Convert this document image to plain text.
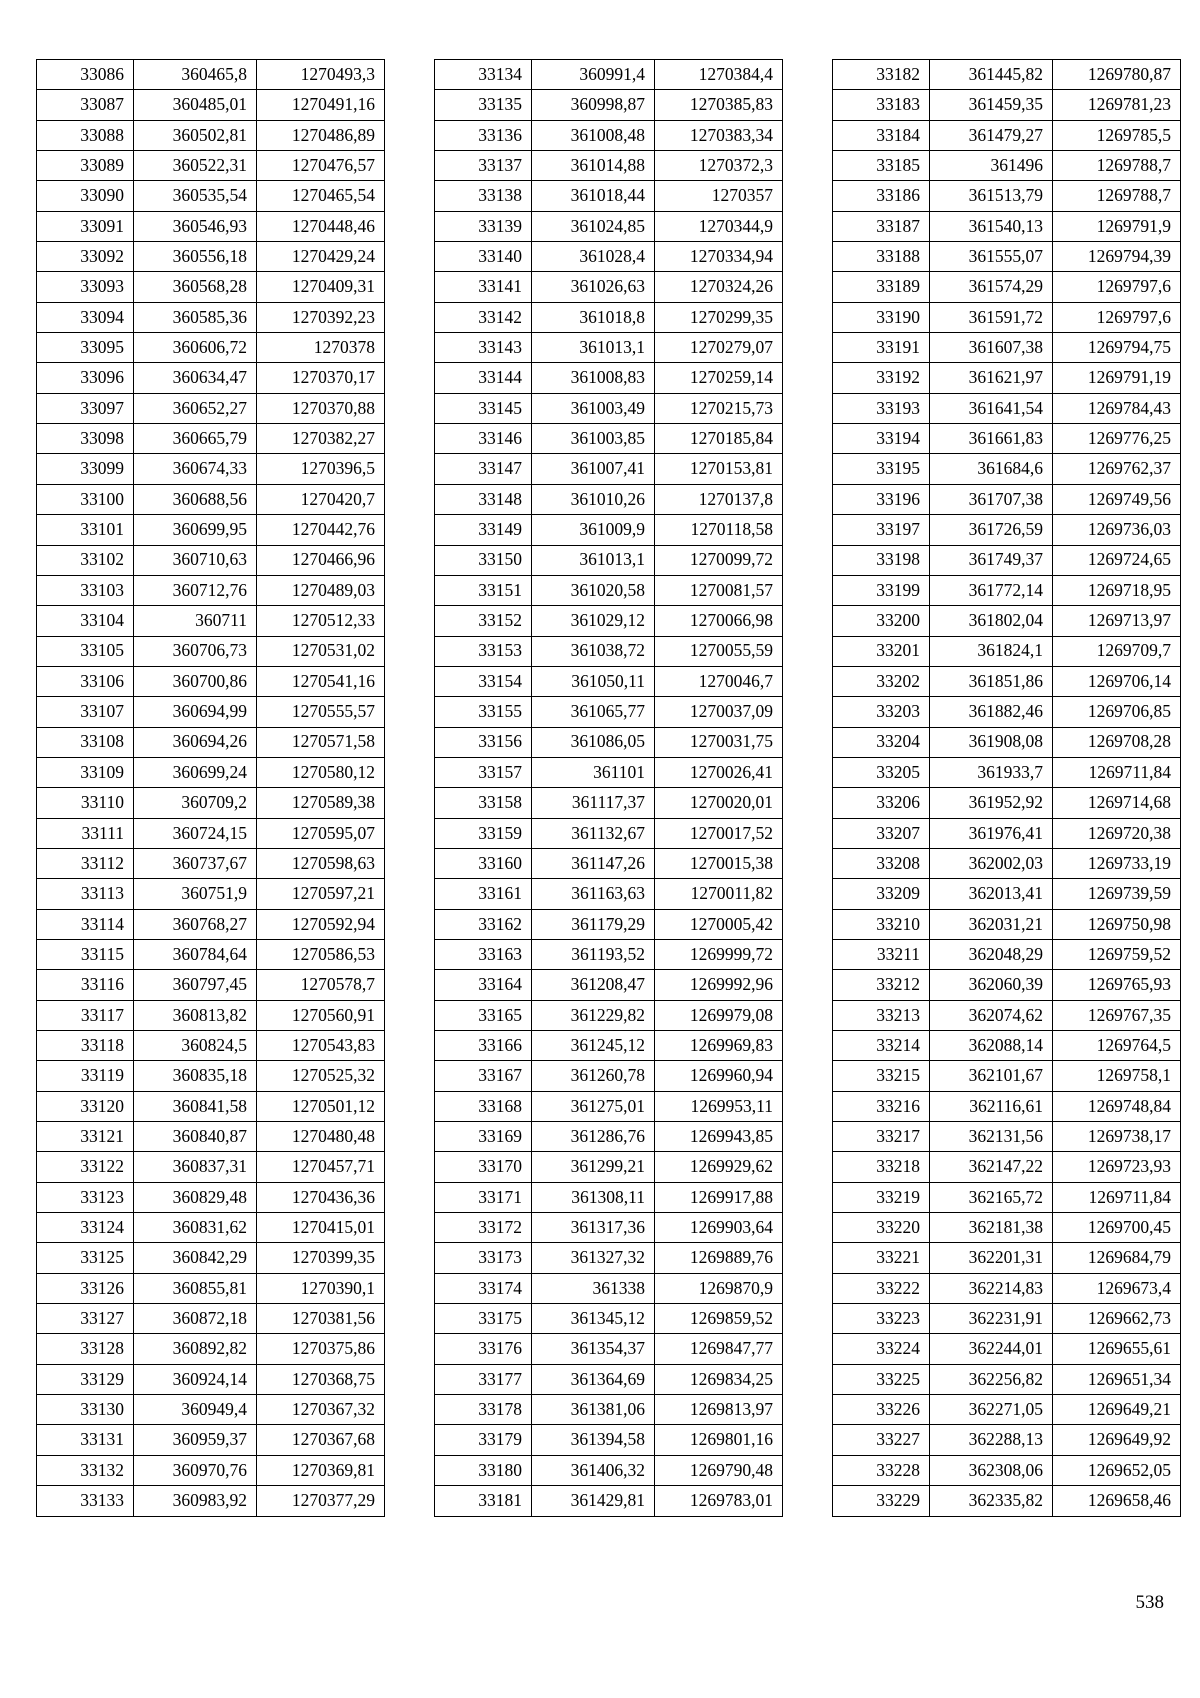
33086	360465,8	1270493,3
33087	360485,01	1270491,16
33088	360502,81	1270486,89
33089	360522,31	1270476,57
33090	360535,54	1270465,54
33091	360546,93	1270448,46
33092	360556,18	1270429,24
33093	360568,28	1270409,31
33094	360585,36	1270392,23
33095	360606,72	1270378
33096	360634,47	1270370,17
33097	360652,27	1270370,88
33098	360665,79	1270382,27
33099	360674,33	1270396,5
33100	360688,56	1270420,7
33101	360699,95	1270442,76
33102	360710,63	1270466,96
33103	360712,76	1270489,03
33104	360711	1270512,33
33105	360706,73	1270531,02
33106	360700,86	1270541,16
33107	360694,99	1270555,57
33108	360694,26	1270571,58
33109	360699,24	1270580,12
33110	360709,2	1270589,38
33111	360724,15	1270595,07
33112	360737,67	1270598,63
33113	360751,9	1270597,21
33114	360768,27	1270592,94
33115	360784,64	1270586,53
33116	360797,45	1270578,7
33117	360813,82	1270560,91
33118	360824,5	1270543,83
33119	360835,18	1270525,32
33120	360841,58	1270501,12
33121	360840,87	1270480,48
33122	360837,31	1270457,71
33123	360829,48	1270436,36
33124	360831,62	1270415,01
33125	360842,29	1270399,35
33126	360855,81	1270390,1
33127	360872,18	1270381,56
33128	360892,82	1270375,86
33129	360924,14	1270368,75
33130	360949,4	1270367,32
33131	360959,37	1270367,68
33132	360970,76	1270369,81
33133	360983,92	1270377,29
33134	360991,4	1270384,4
33135	360998,87	1270385,83
33136	361008,48	1270383,34
33137	361014,88	1270372,3
33138	361018,44	1270357
33139	361024,85	1270344,9
33140	361028,4	1270334,94
33141	361026,63	1270324,26
33142	361018,8	1270299,35
33143	361013,1	1270279,07
33144	361008,83	1270259,14
33145	361003,49	1270215,73
33146	361003,85	1270185,84
33147	361007,41	1270153,81
33148	361010,26	1270137,8
33149	361009,9	1270118,58
33150	361013,1	1270099,72
33151	361020,58	1270081,57
33152	361029,12	1270066,98
33153	361038,72	1270055,59
33154	361050,11	1270046,7
33155	361065,77	1270037,09
33156	361086,05	1270031,75
33157	361101	1270026,41
33158	361117,37	1270020,01
33159	361132,67	1270017,52
33160	361147,26	1270015,38
33161	361163,63	1270011,82
33162	361179,29	1270005,42
33163	361193,52	1269999,72
33164	361208,47	1269992,96
33165	361229,82	1269979,08
33166	361245,12	1269969,83
33167	361260,78	1269960,94
33168	361275,01	1269953,11
33169	361286,76	1269943,85
33170	361299,21	1269929,62
33171	361308,11	1269917,88
33172	361317,36	1269903,64
33173	361327,32	1269889,76
33174	361338	1269870,9
33175	361345,12	1269859,52
33176	361354,37	1269847,77
33177	361364,69	1269834,25
33178	361381,06	1269813,97
33179	361394,58	1269801,16
33180	361406,32	1269790,48
33181	361429,81	1269783,01
33182	361445,82	1269780,87
33183	361459,35	1269781,23
33184	361479,27	1269785,5
33185	361496	1269788,7
33186	361513,79	1269788,7
33187	361540,13	1269791,9
33188	361555,07	1269794,39
33189	361574,29	1269797,6
33190	361591,72	1269797,6
33191	361607,38	1269794,75
33192	361621,97	1269791,19
33193	361641,54	1269784,43
33194	361661,83	1269776,25
33195	361684,6	1269762,37
33196	361707,38	1269749,56
33197	361726,59	1269736,03
33198	361749,37	1269724,65
33199	361772,14	1269718,95
33200	361802,04	1269713,97
33201	361824,1	1269709,7
33202	361851,86	1269706,14
33203	361882,46	1269706,85
33204	361908,08	1269708,28
33205	361933,7	1269711,84
33206	361952,92	1269714,68
33207	361976,41	1269720,38
33208	362002,03	1269733,19
33209	362013,41	1269739,59
33210	362031,21	1269750,98
33211	362048,29	1269759,52
33212	362060,39	1269765,93
33213	362074,62	1269767,35
33214	362088,14	1269764,5
33215	362101,67	1269758,1
33216	362116,61	1269748,84
33217	362131,56	1269738,17
33218	362147,22	1269723,93
33219	362165,72	1269711,84
33220	362181,38	1269700,45
33221	362201,31	1269684,79
33222	362214,83	1269673,4
33223	362231,91	1269662,73
33224	362244,01	1269655,61
33225	362256,82	1269651,34
33226	362271,05	1269649,21
33227	362288,13	1269649,92
33228	362308,06	1269652,05
33229	362335,82	1269658,46
538
